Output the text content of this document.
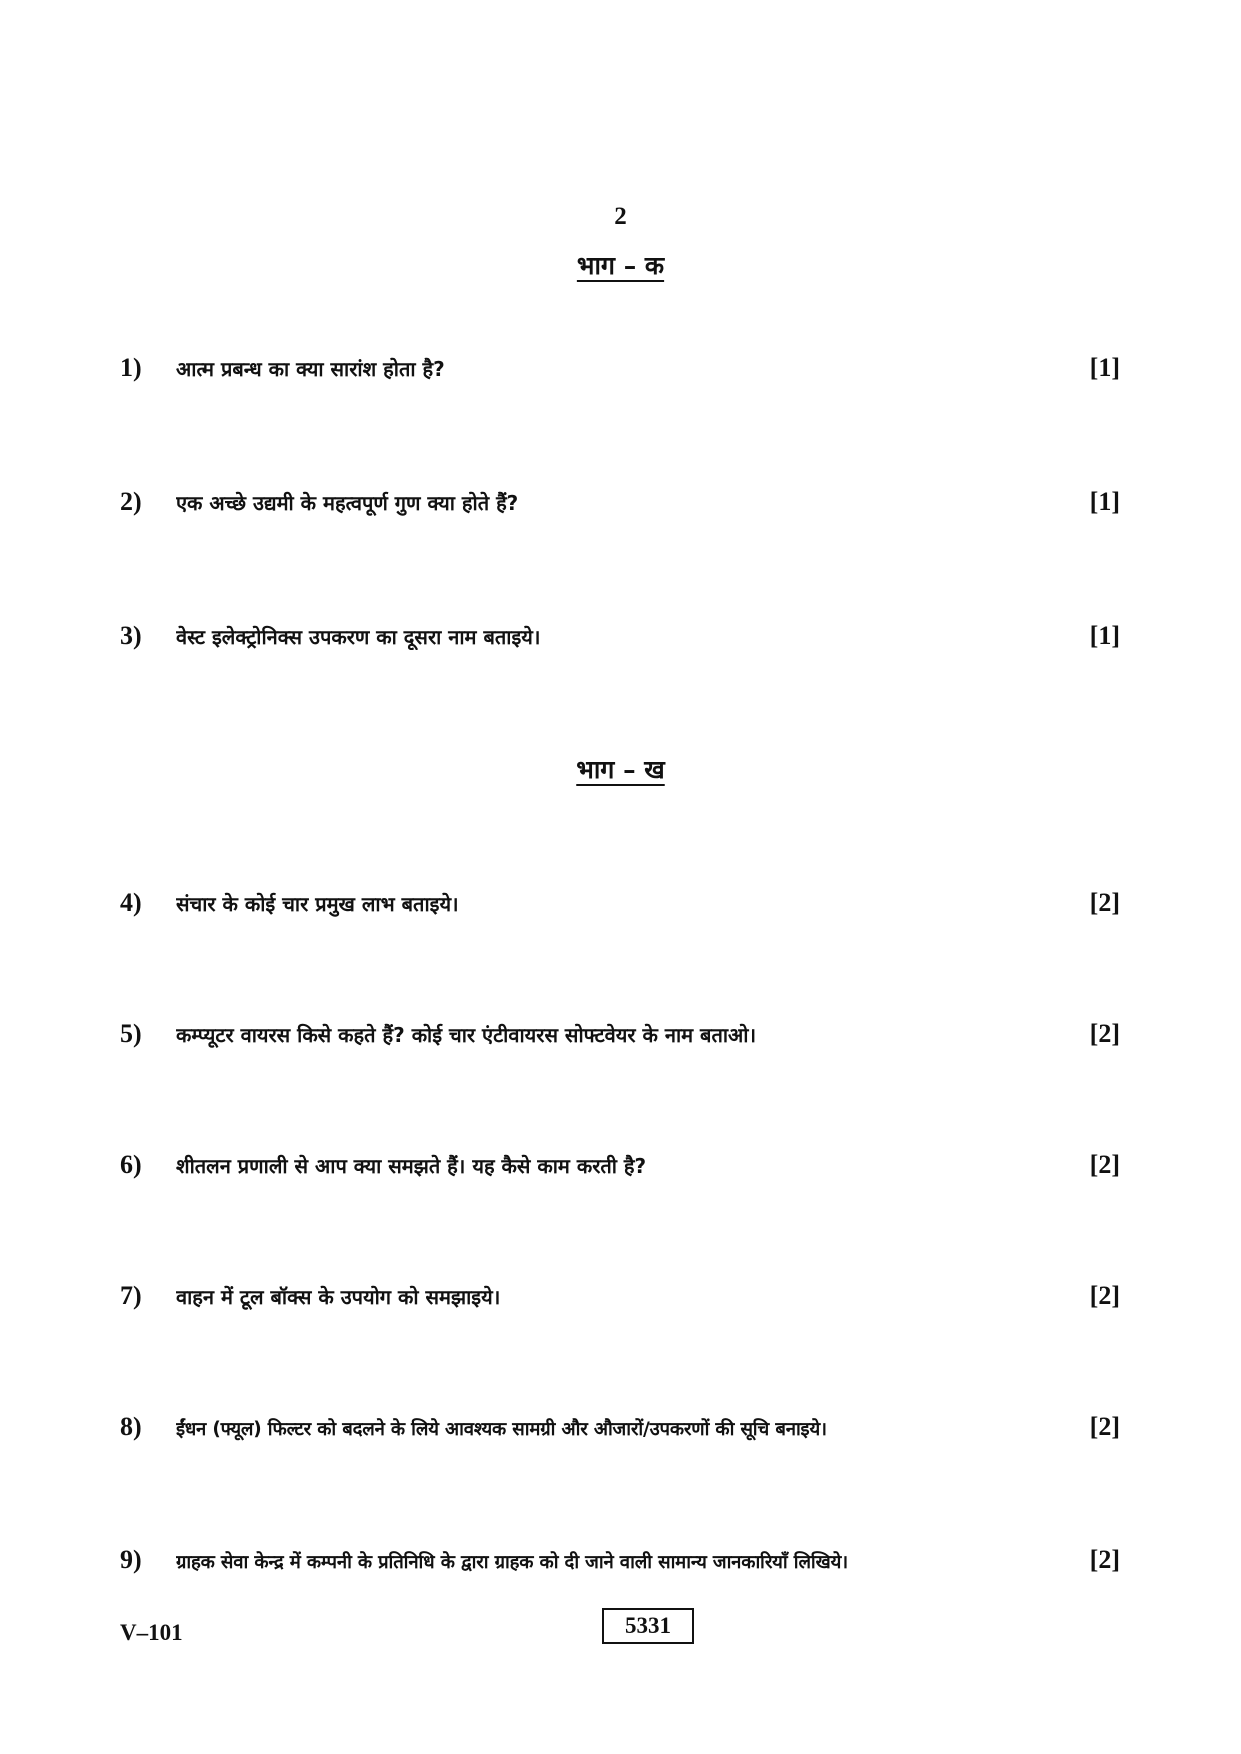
2
भाग – क
1)	आत्म प्रबन्ध का क्या सारांश होता है?	[1]
2)	एक अच्छे उद्यमी के महत्वपूर्ण गुण क्या होते हैं?	[1]
3)	वेस्ट इलेक्ट्रोनिक्स उपकरण का दूसरा नाम बताइये।	[1]
भाग – ख
4)	संचार के कोई चार प्रमुख लाभ बताइये।	[2]
5)	कम्प्यूटर वायरस किसे कहते हैं? कोई चार एंटीवायरस सोफ्टवेयर के नाम बताओ।	[2]
6)	शीतलन प्रणाली से आप क्या समझते हैं। यह कैसे काम करती है?	[2]
7)	वाहन में टूल बॉक्स के उपयोग को समझाइये।	[2]
8)	ईंधन (फ्यूल) फिल्टर को बदलने के लिये आवश्यक सामग्री और औजारों/उपकरणों की सूचि बनाइये।	[2]
9)	ग्राहक सेवा केन्द्र में कम्पनी के प्रतिनिधि के द्वारा ग्राहक को दी जाने वाली सामान्य जानकारियाँ लिखिये।	[2]
V–101	5331
